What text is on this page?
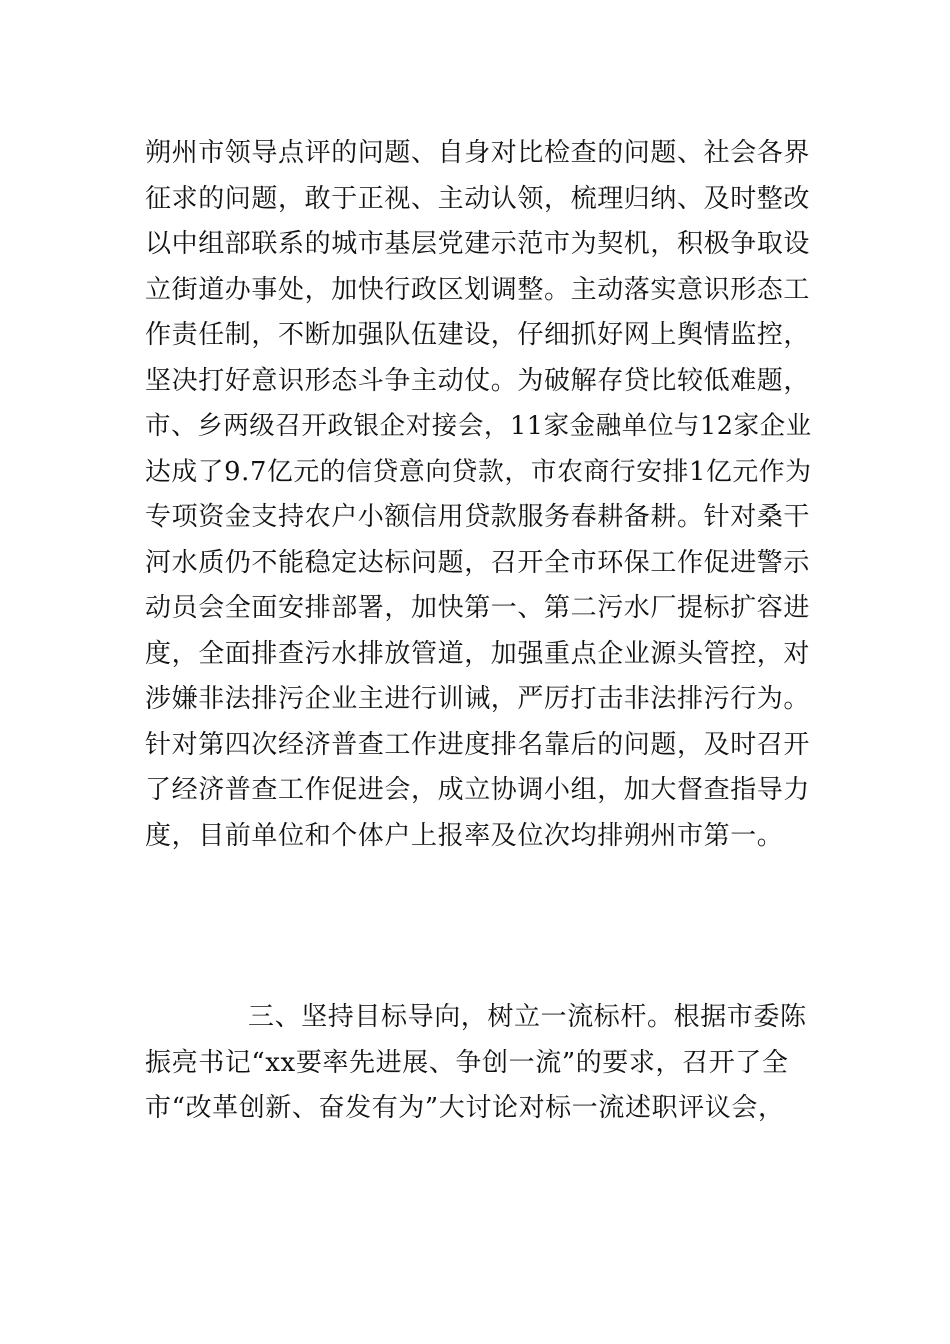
朔州市领导点评的问题、自身对比检查的问题、社会各界
征求的问题，敢于正视、主动认领，梳理归纳、及时整改
以中组部联系的城市基层党建示范市为契机，积极争取设
立街道办事处，加快行政区划调整。主动落实意识形态工
作责任制，不断加强队伍建设，仔细抓好网上舆情监控，
坚决打好意识形态斗争主动仗。为破解存贷比较低难题，
市、乡两级召开政银企对接会，11家金融单位与12家企业
达成了9.7亿元的信贷意向贷款，市农商行安排1亿元作为
专项资金支持农户小额信用贷款服务春耕备耕。针对桑干
河水质仍不能稳定达标问题，召开全市环保工作促进警示
动员会全面安排部署，加快第一、第二污水厂提标扩容进
度，全面排查污水排放管道，加强重点企业源头管控，对
涉嫌非法排污企业主进行训诫，严厉打击非法排污行为。
针对第四次经济普查工作进度排名靠后的问题，及时召开
了经济普查工作促进会，成立协调小组，加大督查指导力
度，目前单位和个体户上报率及位次均排朔州市第一。
三、坚持目标导向，树立一流标杆。根据市委陈
振亮书记“xx要率先进展、争创一流”的要求，召开了全
市“改革创新、奋发有为”大讨论对标一流述职评议会，
